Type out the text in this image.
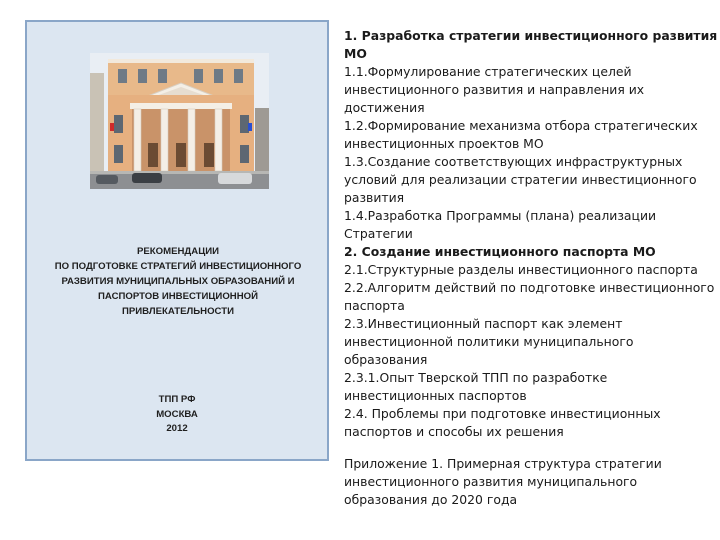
РЕКОМЕНДАЦИИ
ПО ПОДГОТОВКЕ СТРАТЕГИЙ ИНВЕСТИЦИОННОГО
РАЗВИТИЯ МУНИЦИПАЛЬНЫХ ОБРАЗОВАНИЙ И
ПАСПОРТОВ ИНВЕСТИЦИОННОЙ
ПРИВЛЕКАТЕЛЬНОСТИ
ТПП РФ
МОСКВА
2012
1. Разработка стратегии инвестиционного развития
МО
1.1.Формулирование стратегических целей
инвестиционного развития и направления их
достижения
1.2.Формирование механизма отбора стратегических
инвестиционных проектов МО
1.3.Создание соответствующих инфраструктурных
условий для реализации стратегии инвестиционного
развития
1.4.Разработка Программы (плана) реализации
Стратегии
2. Создание инвестиционного паспорта МО
2.1.Структурные разделы инвестиционного паспорта
2.2.Алгоритм действий по подготовке инвестиционного
паспорта
2.3.Инвестиционный паспорт как элемент
инвестиционной политики муниципального
образования
2.3.1.Опыт Тверской ТПП по разработке
инвестиционных паспортов
2.4. Проблемы при подготовке инвестиционных
паспортов и способы их решения
Приложение 1. Примерная структура стратегии
инвестиционного развития муниципального
образования до 2020 года
